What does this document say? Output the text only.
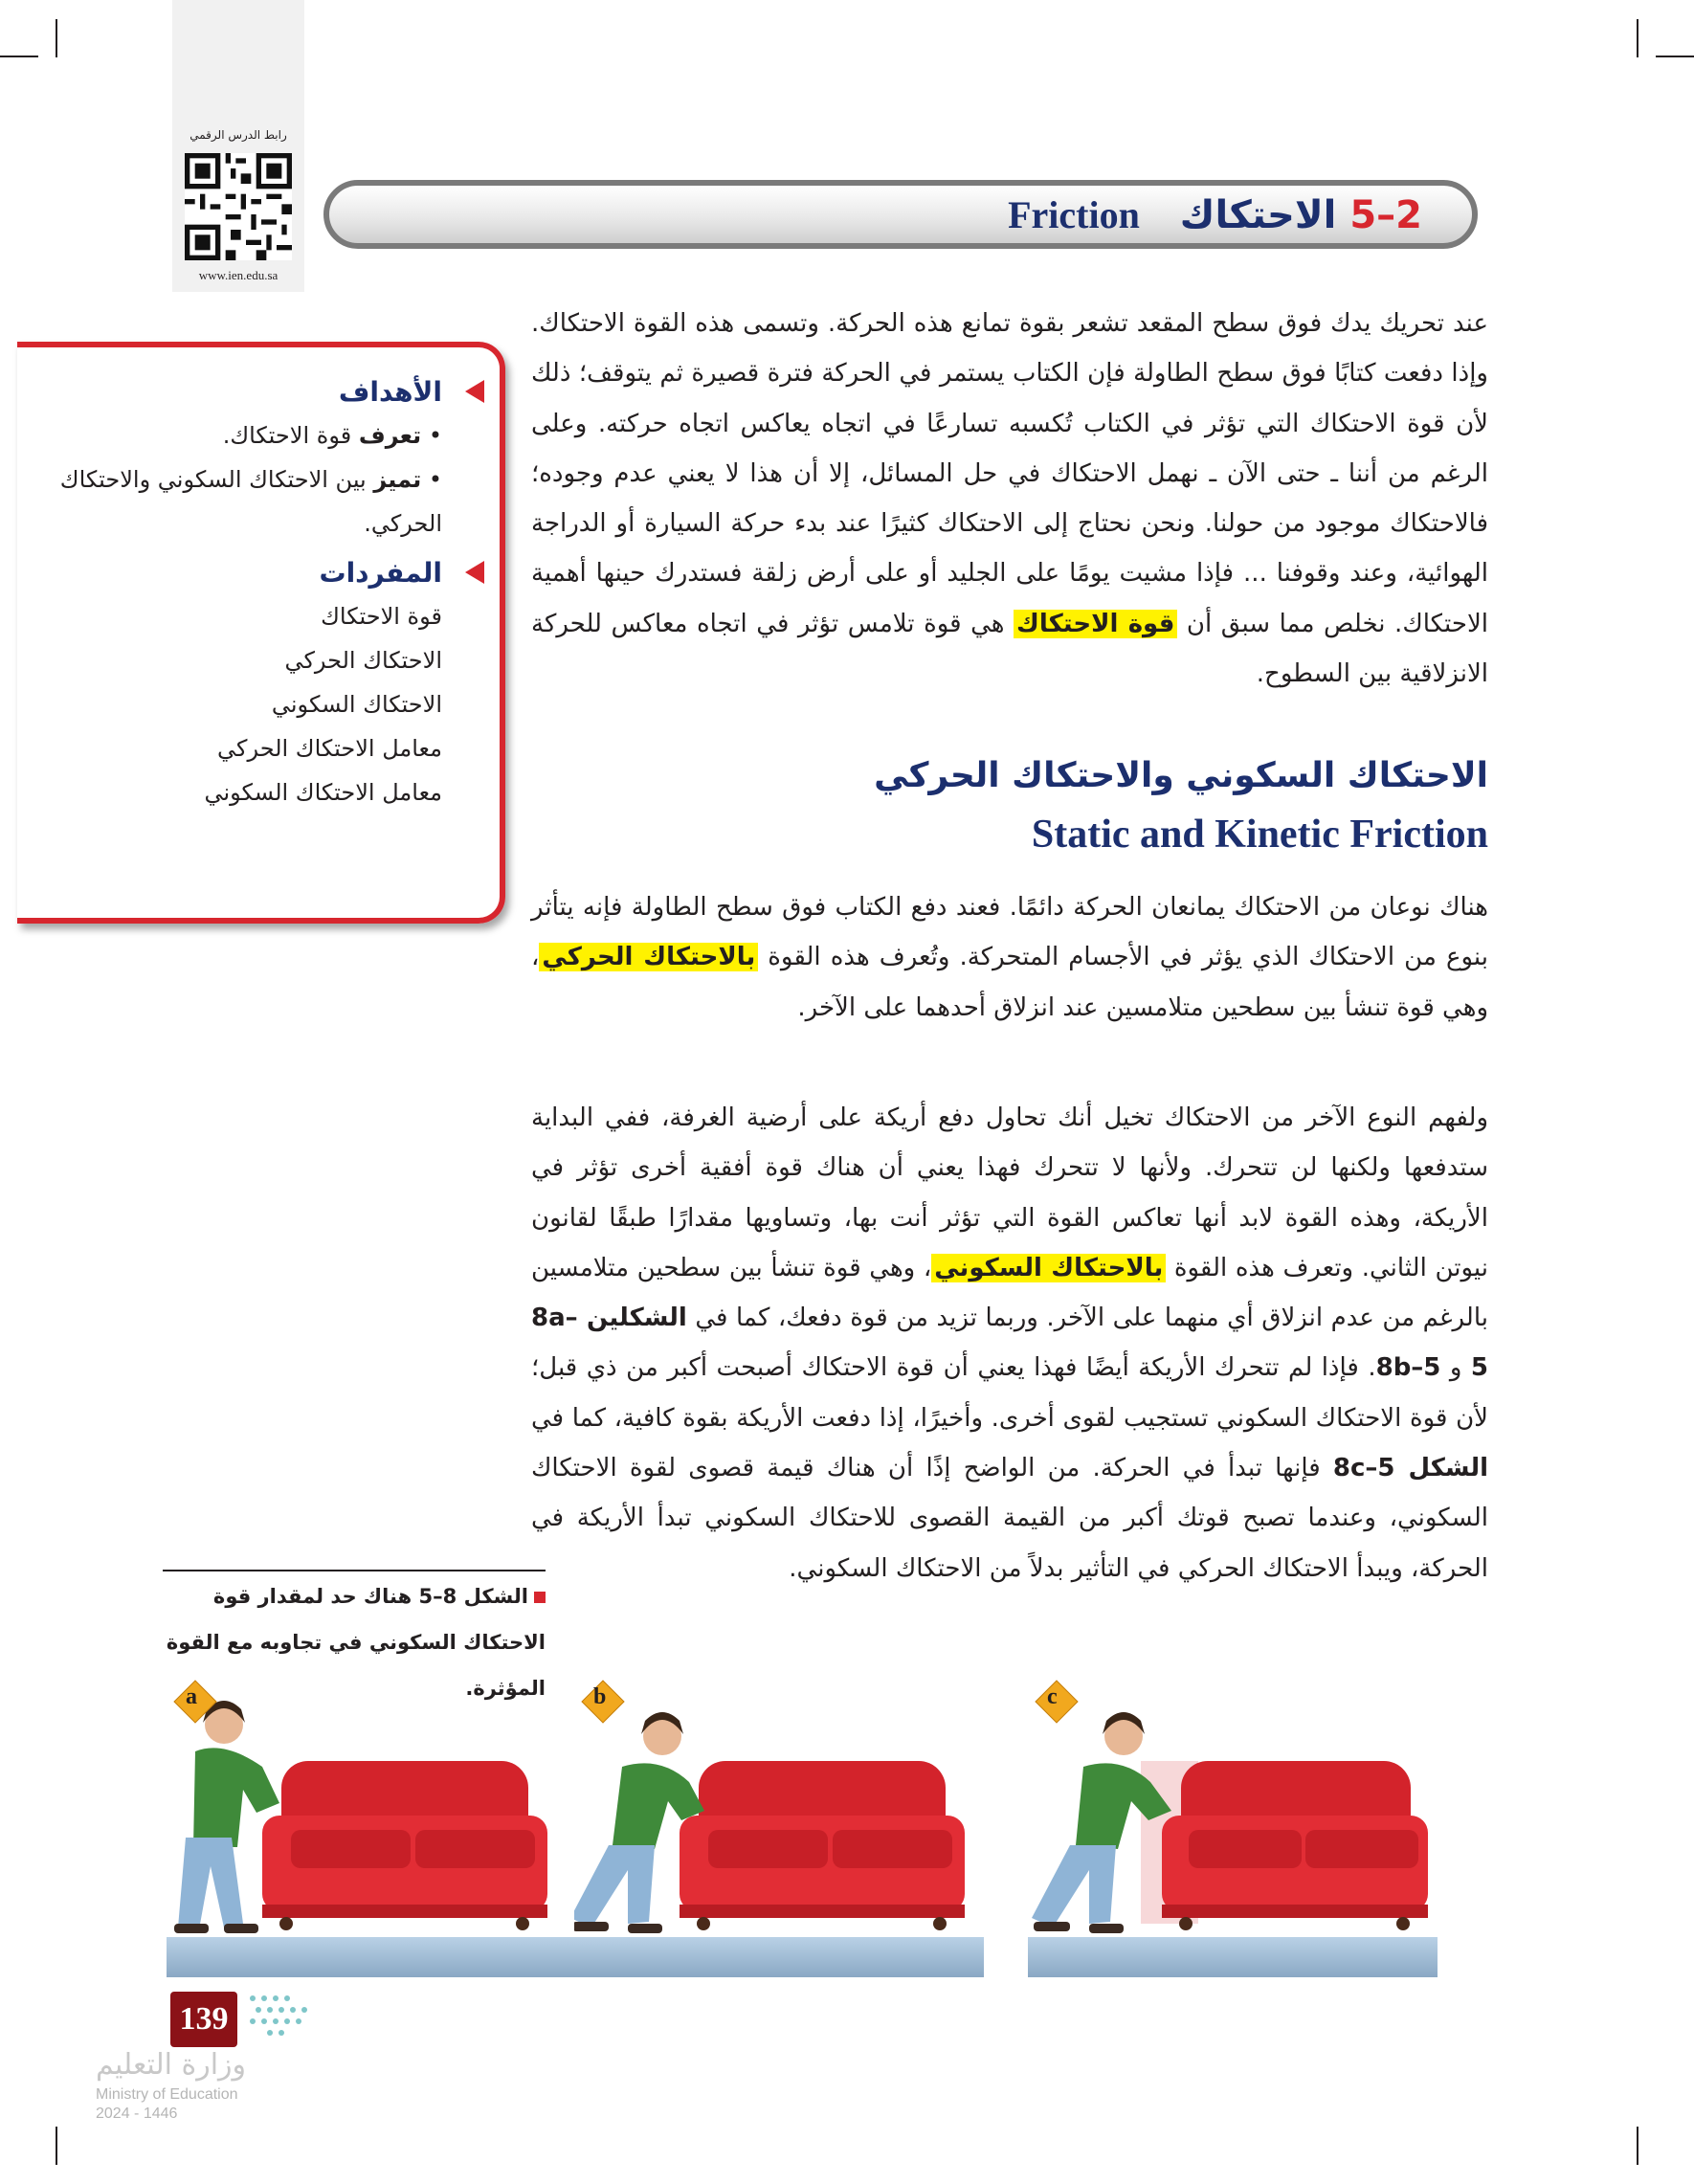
رابط الدرس الرقمي
www.ien.edu.sa
2–5 الاحتكاك Friction
الأهداف

• تعرف قوة الاحتكاك.

• تميز بين الاحتكاك السكوني والاحتكاك الحركي.

المفردات

قوة الاحتكاك

الاحتكاك الحركي

الاحتكاك السكوني

معامل الاحتكاك الحركي

معامل الاحتكاك السكوني

عند تحريك يدك فوق سطح المقعد تشعر بقوة تمانع هذه الحركة. وتسمى هذه القوة الاحتكاك. وإذا دفعت كتابًا فوق سطح الطاولة فإن الكتاب يستمر في الحركة فترة قصيرة ثم يتوقف؛ ذلك لأن قوة الاحتكاك التي تؤثر في الكتاب تُكسبه تسارعًا في اتجاه يعاكس اتجاه حركته. وعلى الرغم من أننا ـ حتى الآن ـ نهمل الاحتكاك في حل المسائل، إلا أن هذا لا يعني عدم وجوده؛ فالاحتكاك موجود من حولنا. ونحن نحتاج إلى الاحتكاك كثيرًا عند بدء حركة السيارة أو الدراجة الهوائية، وعند وقوفنا ... فإذا مشيت يومًا على الجليد أو على أرض زلقة فستدرك حينها أهمية الاحتكاك. نخلص مما سبق أن قوة الاحتكاك هي قوة تلامس تؤثر في اتجاه معاكس للحركة الانزلاقية بين السطوح.

الاحتكاك السكوني والاحتكاك الحركي
Static and Kinetic Friction

هناك نوعان من الاحتكاك يمانعان الحركة دائمًا. فعند دفع الكتاب فوق سطح الطاولة فإنه يتأثر بنوع من الاحتكاك الذي يؤثر في الأجسام المتحركة. وتُعرف هذه القوة بالاحتكاك الحركي، وهي قوة تنشأ بين سطحين متلامسين عند انزلاق أحدهما على الآخر.

ولفهم النوع الآخر من الاحتكاك تخيل أنك تحاول دفع أريكة على أرضية الغرفة، ففي البداية ستدفعها ولكنها لن تتحرك. ولأنها لا تتحرك فهذا يعني أن هناك قوة أفقية أخرى تؤثر في الأريكة، وهذه القوة لابد أنها تعاكس القوة التي تؤثر أنت بها، وتساويها مقدارًا طبقًا لقانون نيوتن الثاني. وتعرف هذه القوة بالاحتكاك السكوني، وهي قوة تنشأ بين سطحين متلامسين بالرغم من عدم انزلاق أي منهما على الآخر. وربما تزيد من قوة دفعك، كما في الشكلين 8a–5 و 8b–5. فإذا لم تتحرك الأريكة أيضًا فهذا يعني أن قوة الاحتكاك أصبحت أكبر من ذي قبل؛ لأن قوة الاحتكاك السكوني تستجيب لقوى أخرى. وأخيرًا، إذا دفعت الأريكة بقوة كافية، كما في الشكل 8c–5 فإنها تبدأ في الحركة. من الواضح إذًا أن هناك قيمة قصوى لقوة الاحتكاك السكوني، وعندما تصبح قوتك أكبر من القيمة القصوى للاحتكاك السكوني تبدأ الأريكة في الحركة، ويبدأ الاحتكاك الحركي في التأثير بدلاً من الاحتكاك السكوني.

الشكل 8–5 هناك حد لمقدار قوة الاحتكاك السكوني في تجاوبه مع القوة المؤثرة.
a	b	c
139
وزارة التعليم
Ministry of Education
2024 - 1446
